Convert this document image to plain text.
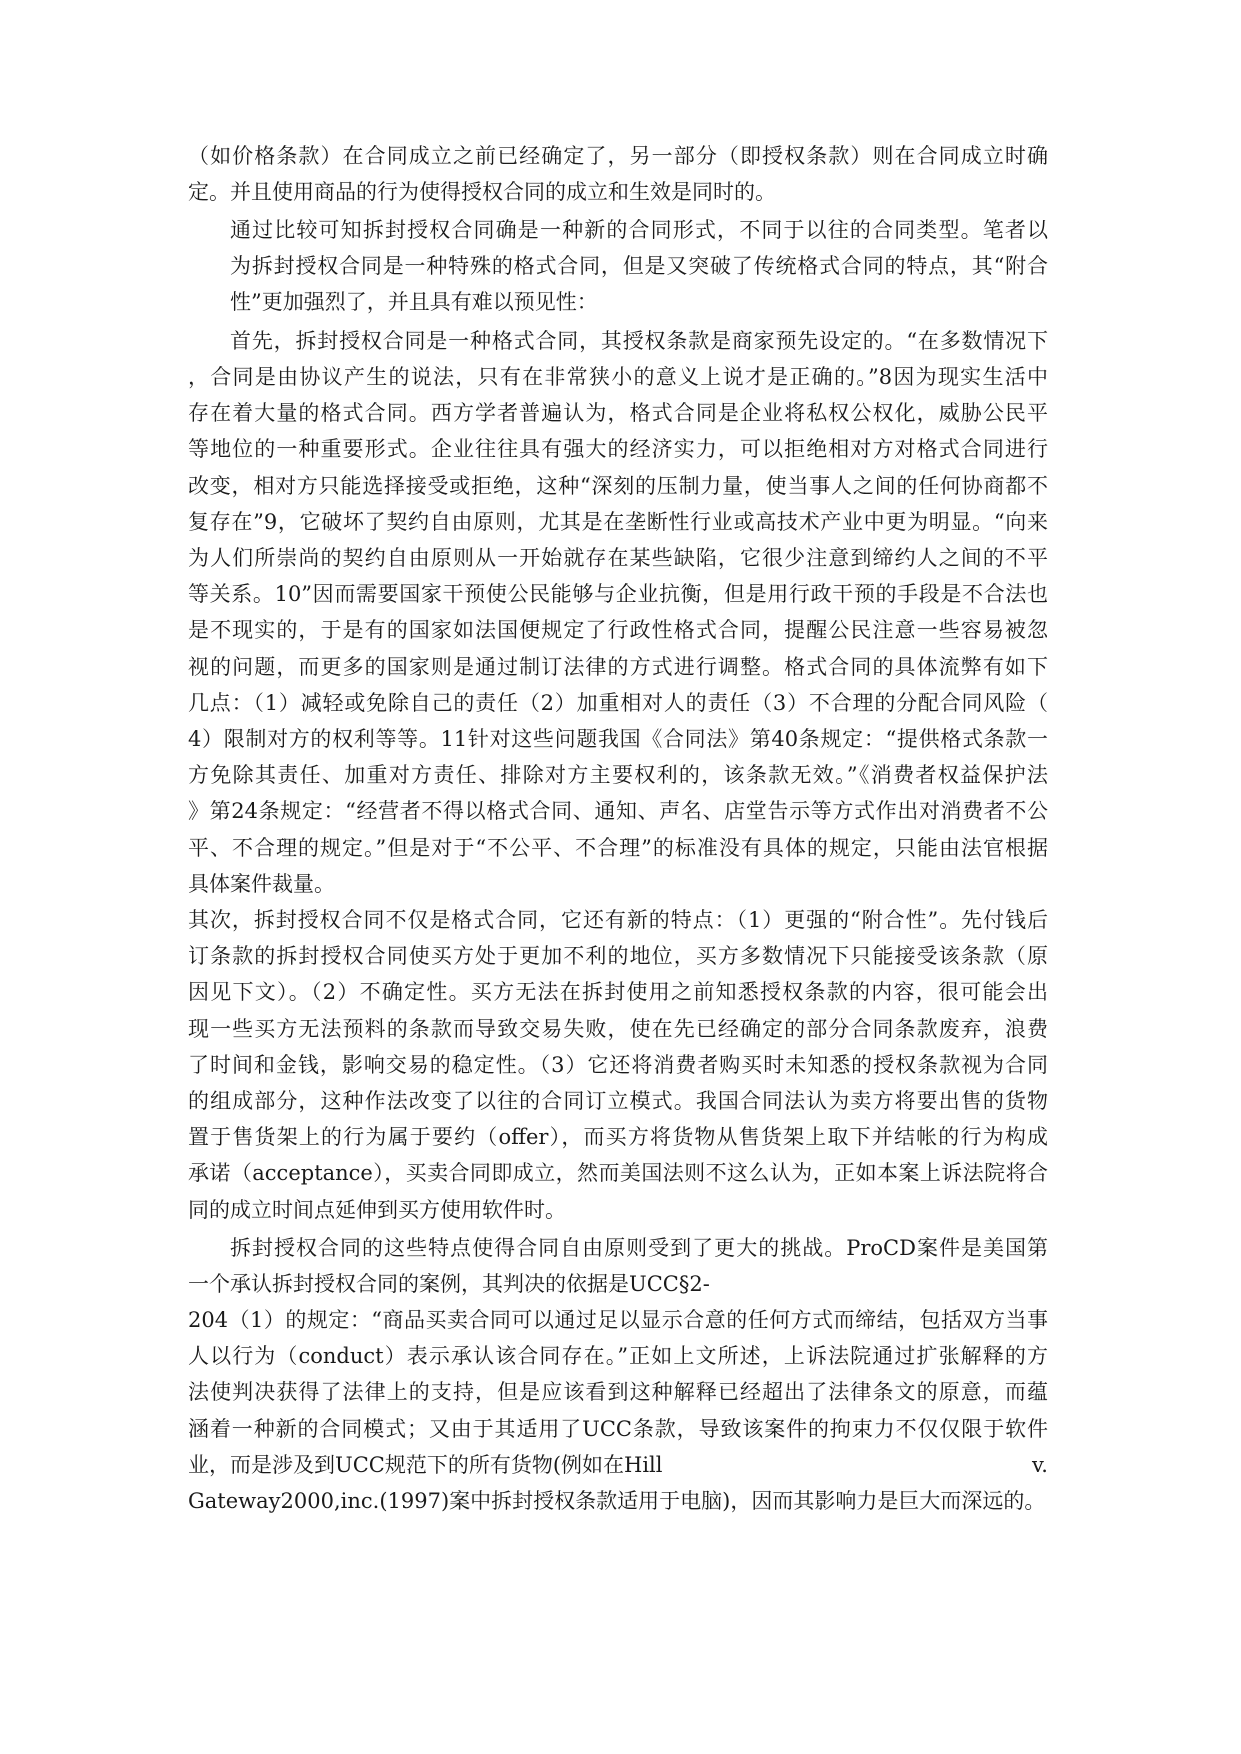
（如价格条款）在合同成立之前已经确定了，另一部分（即授权条款）则在合同成立时确
定。并且使用商品的行为使得授权合同的成立和生效是同时的。
通过比较可知拆封授权合同确是一种新的合同形式，不同于以往的合同类型。笔者以
为拆封授权合同是一种特殊的格式合同，但是又突破了传统格式合同的特点，其“附合
性”更加强烈了，并且具有难以预见性：
首先，拆封授权合同是一种格式合同，其授权条款是商家预先设定的。“在多数情况下
，合同是由协议产生的说法，只有在非常狭小的意义上说才是正确的。”8因为现实生活中
存在着大量的格式合同。西方学者普遍认为，格式合同是企业将私权公权化，威胁公民平
等地位的一种重要形式。企业往往具有强大的经济实力，可以拒绝相对方对格式合同进行
改变，相对方只能选择接受或拒绝，这种“深刻的压制力量，使当事人之间的任何协商都不
复存在”9，它破坏了契约自由原则，尤其是在垄断性行业或高技术产业中更为明显。“向来
为人们所崇尚的契约自由原则从一开始就存在某些缺陷，它很少注意到缔约人之间的不平
等关系。10”因而需要国家干预使公民能够与企业抗衡，但是用行政干预的手段是不合法也
是不现实的，于是有的国家如法国便规定了行政性格式合同，提醒公民注意一些容易被忽
视的问题，而更多的国家则是通过制订法律的方式进行调整。格式合同的具体流弊有如下
几点：（1）减轻或免除自己的责任（2）加重相对人的责任（3）不合理的分配合同风险（
4）限制对方的权利等等。11针对这些问题我国《合同法》第40条规定：“提供格式条款一
方免除其责任、加重对方责任、排除对方主要权利的，该条款无效。”《消费者权益保护法
》第24条规定：“经营者不得以格式合同、通知、声名、店堂告示等方式作出对消费者不公
平、不合理的规定。”但是对于“不公平、不合理”的标准没有具体的规定，只能由法官根据
具体案件裁量。
其次，拆封授权合同不仅是格式合同，它还有新的特点：（1）更强的“附合性”。先付钱后
订条款的拆封授权合同使买方处于更加不利的地位，买方多数情况下只能接受该条款（原
因见下文）。（2）不确定性。买方无法在拆封使用之前知悉授权条款的内容，很可能会出
现一些买方无法预料的条款而导致交易失败，使在先已经确定的部分合同条款废弃，浪费
了时间和金钱，影响交易的稳定性。（3）它还将消费者购买时未知悉的授权条款视为合同
的组成部分，这种作法改变了以往的合同订立模式。我国合同法认为卖方将要出售的货物
置于售货架上的行为属于要约（offer），而买方将货物从售货架上取下并结帐的行为构成
承诺（acceptance），买卖合同即成立，然而美国法则不这么认为，正如本案上诉法院将合
同的成立时间点延伸到买方使用软件时。
拆封授权合同的这些特点使得合同自由原则受到了更大的挑战。ProCD案件是美国第
一个承认拆封授权合同的案例，其判决的依据是UCC§2-
204（1）的规定：“商品买卖合同可以通过足以显示合意的任何方式而缔结，包括双方当事
人以行为（conduct）表示承认该合同存在。”正如上文所述，上诉法院通过扩张解释的方
法使判决获得了法律上的支持，但是应该看到这种解释已经超出了法律条文的原意，而蕴
涵着一种新的合同模式；又由于其适用了UCC条款，导致该案件的拘束力不仅仅限于软件
业，而是涉及到UCC规范下的所有货物(例如在Hill	v.
Gateway2000,inc.(1997)案中拆封授权条款适用于电脑)，因而其影响力是巨大而深远的。
